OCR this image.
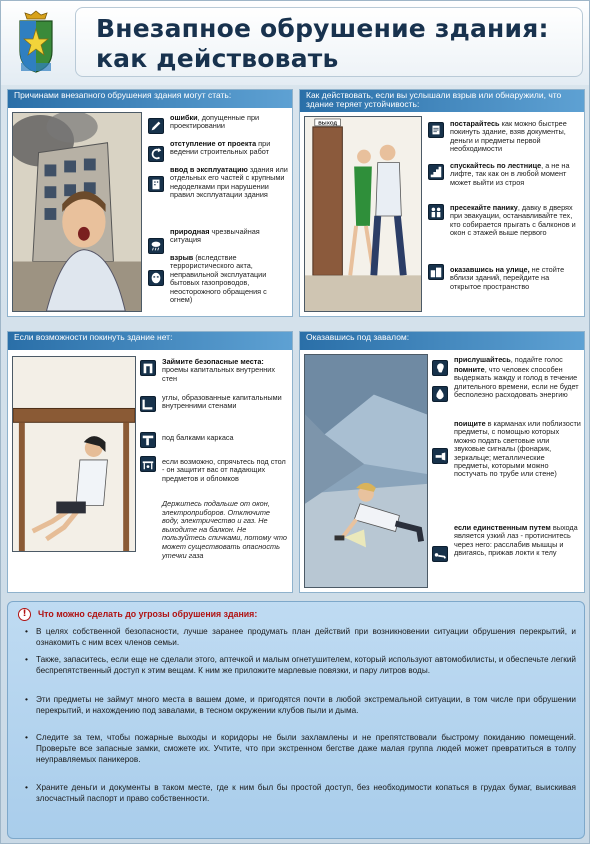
Внезапное обрушение здания:
как действовать
Причинами внезапного обрушения здания могут стать:
ошибки, допущенные при проектировании
отступление от проекта при ведении строительных работ
ввод в эксплуатацию здания или отдельных его частей с крупными недоделками при нарушении правил эксплуатации здания
природная чрезвычайная ситуация
взрыв (вследствие террористического акта, неправильной эксплуатации бытовых газопроводов, неосторожного обращения с огнем)
Как действовать, если вы услышали взрыв или обнаружили, что здание теряет устойчивость:
ВЫХОД	постарайтесь как можно быстрее покинуть здание, взяв документы, деньги и предметы первой необходимости
спускайтесь по лестнице, а не на лифте, так как он в любой момент может выйти из строя
пресекайте панику, давку в дверях при эвакуации, останавливайте тех, кто собирается прыгать с балконов и окон с этажей выше первого
оказавшись на улице, не стойте вблизи зданий, перейдите на открытое пространство
Если возможности покинуть здание нет:
Займите безопасные места: проемы капитальных внутренних стен
углы, образованные капитальными внутренними стенами
под балками каркаса
если возможно, спрячьтесь под стол - он защитит вас от падающих предметов и обломков
Держитесь подальше от окон, электроприборов. Отключите воду, электричество и газ. Не выходите на балкон. Не пользуйтесь спичками, потому что может существовать опасность утечки газа
Оказавшись под завалом:
прислушайтесь, подайте голос
помните, что человек способен выдержать жажду и голод в течение длительного времени, если не будет бесполезно расходовать энергию
поищите в карманах или поблизости предметы, с помощью которых можно подать световые или звуковые сигналы (фонарик, зеркальце; металлические предметы, которыми можно постучать по трубе или стене)
если единственным путем выхода является узкий лаз - протиснитесь через него: расслабив мышцы и двигаясь, прижав локти к телу
!	Что можно сделать до угрозы обрушения здания:
• В целях собственной безопасности, лучше заранее продумать план действий при возникновении ситуации обрушения перекрытий, и ознакомить с ним всех членов семьи.
• Также, запаситесь, если еще не сделали этого, аптечкой и малым огнетушителем, который используют автомобилисты, и обеспечьте легкий беспрепятственный доступ к этим вещам. К ним же приложите марлевые повязки, и пару литров воды.
• Эти предметы не займут много места в вашем доме, и пригодятся почти в любой экстремальной ситуации, в том числе при обрушении перекрытий, и нахождению под завалами, в тесном окружении клубов пыли и дыма.
• Следите за тем, чтобы пожарные выходы и коридоры не были захламлены и не препятствовали быстрому покиданию помещений. Проверьте все запасные замки, сможете их. Учтите, что при экстренном бегстве даже малая группа людей может превратиться в толпу неуправляемых паникеров.
• Храните деньги и документы в таком месте, где к ним был бы простой доступ, без необходимости копаться в грудах бумаг, выискивая злосчастный паспорт и право собственности.
